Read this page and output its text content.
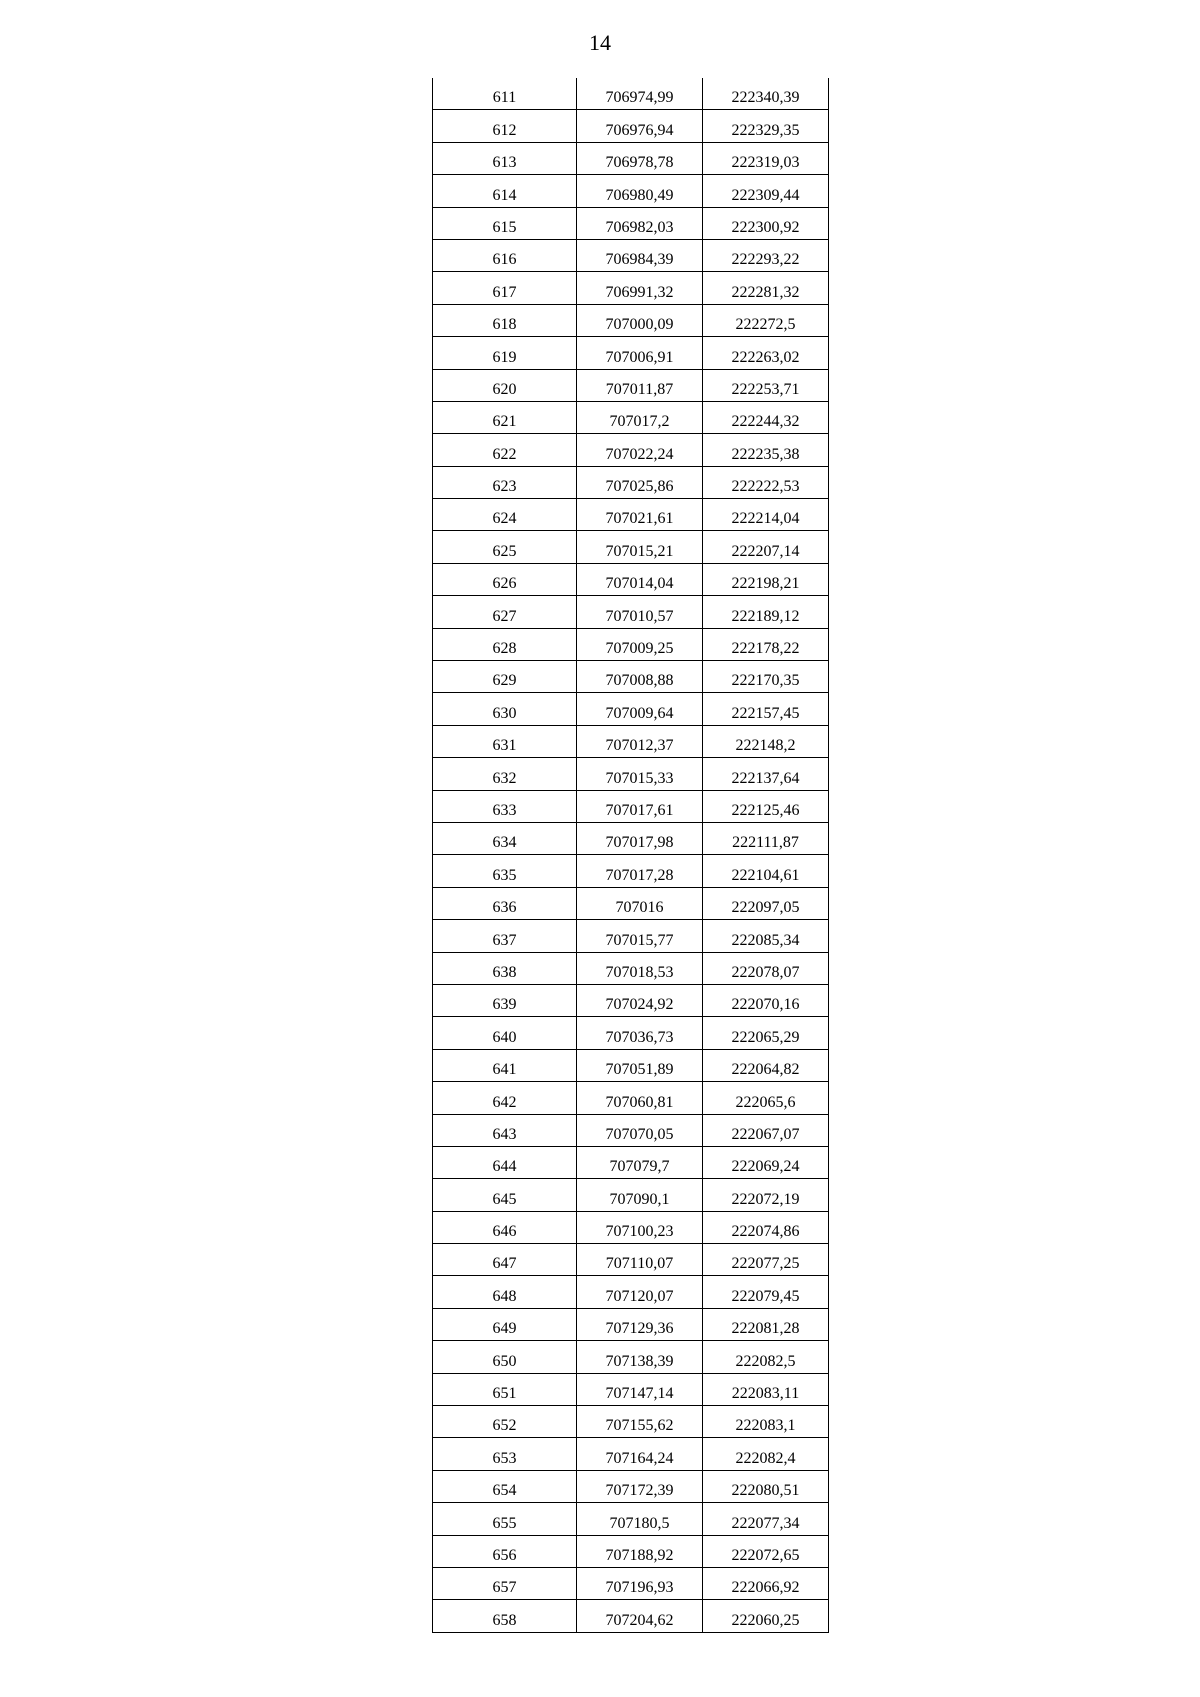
14
611	706974,99	222340,39
612	706976,94	222329,35
613	706978,78	222319,03
614	706980,49	222309,44
615	706982,03	222300,92
616	706984,39	222293,22
617	706991,32	222281,32
618	707000,09	222272,5
619	707006,91	222263,02
620	707011,87	222253,71
621	707017,2	222244,32
622	707022,24	222235,38
623	707025,86	222222,53
624	707021,61	222214,04
625	707015,21	222207,14
626	707014,04	222198,21
627	707010,57	222189,12
628	707009,25	222178,22
629	707008,88	222170,35
630	707009,64	222157,45
631	707012,37	222148,2
632	707015,33	222137,64
633	707017,61	222125,46
634	707017,98	222111,87
635	707017,28	222104,61
636	707016	222097,05
637	707015,77	222085,34
638	707018,53	222078,07
639	707024,92	222070,16
640	707036,73	222065,29
641	707051,89	222064,82
642	707060,81	222065,6
643	707070,05	222067,07
644	707079,7	222069,24
645	707090,1	222072,19
646	707100,23	222074,86
647	707110,07	222077,25
648	707120,07	222079,45
649	707129,36	222081,28
650	707138,39	222082,5
651	707147,14	222083,11
652	707155,62	222083,1
653	707164,24	222082,4
654	707172,39	222080,51
655	707180,5	222077,34
656	707188,92	222072,65
657	707196,93	222066,92
658	707204,62	222060,25
